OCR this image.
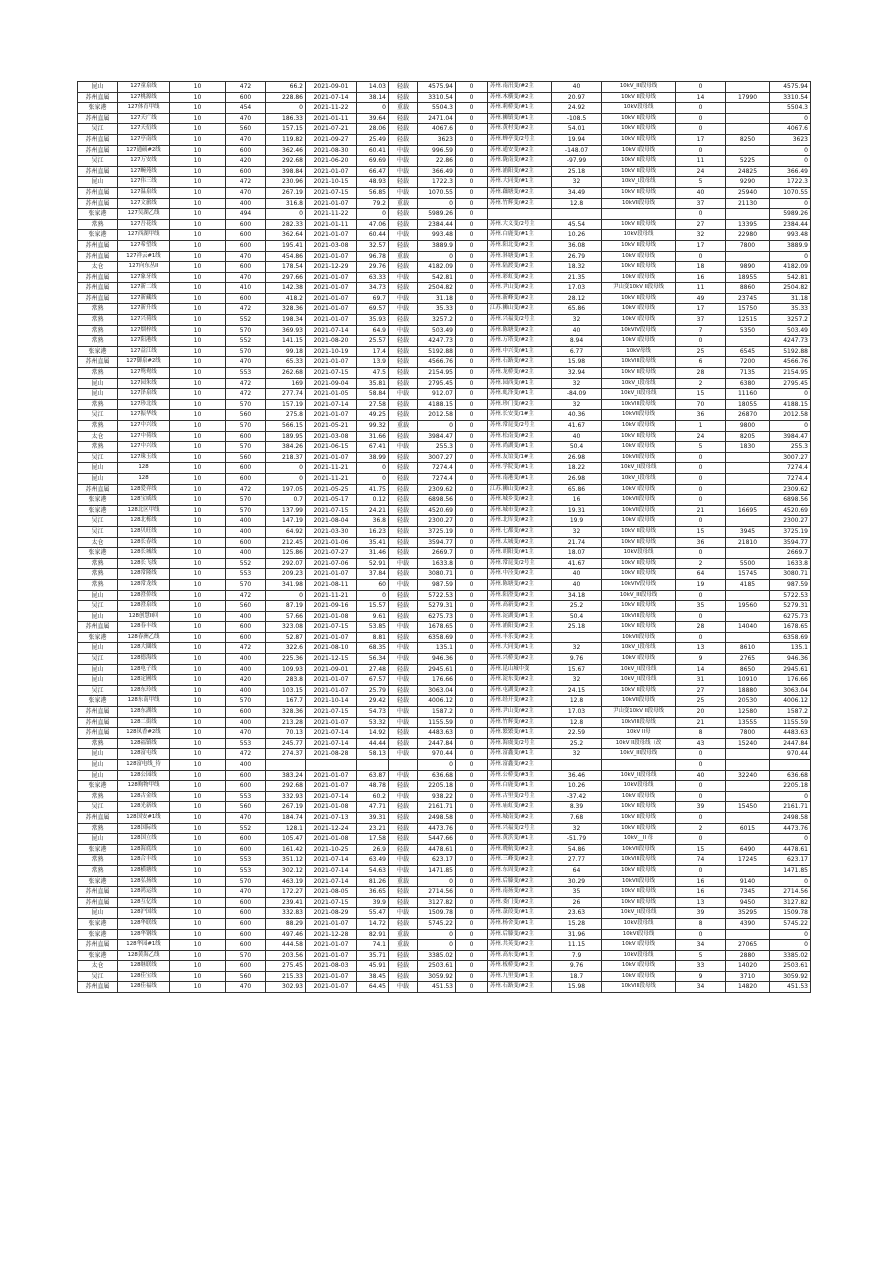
昆山	127童泉线	10	472	66.2	2021-09-01	14.03	轻载	4575.94	0	苏州.南汛变/#2主	40	10kV_III段母线	0		4575.94
苏州直属	127桃源线	10	600	228.86	2021-07-14	38.14	轻载	3310.54	0	苏州.木横变/#2主	20.97	10kV II段母线	14	17990	3310.54
张家港	127体育甲线	10	454	0	2021-11-22	0	重载	5504.3	0	苏州.莉桥变/#1主	24.92	10kV段母线	0		5504.3
苏州直属	127天广线	10	470	186.33	2021-01-11	39.64	轻载	2471.04	0	苏州.狮镇变/#1主	-108.5	10kV II段母线	0		0
吴江	127天衍线	10	560	157.15	2021-07-21	28.06	轻载	4067.6	0	苏州.黄村变/#2主	54.01	10kV II段母线	0		4067.6
苏州直属	127亭南线	10	470	119.82	2021-09-27	25.49	轻载	3623	0	苏州.蝉亭变/2号主	19.94	10kV II段母线	17	8250	3623
苏州直属	127通硕#2线	10	600	362.46	2021-08-30	60.41	中载	996.59	0	苏州.通安变/#2主	-148.07	10kV I段母线	0		0
吴江	127万安线	10	420	292.68	2021-06-20	69.69	中载	22.86	0	苏州.陇南变/#2主	-97.99	10kV II段母线	11	5225	0
苏州直属	127畹苑线	10	600	398.84	2021-01-07	66.47	中载	366.49	0	苏州.浦阳变/#2主	25.18	10kV II段母线	24	24825	366.49
昆山	127伟三线	10	472	230.96	2021-10-15	48.93	轻载	1722.3	0	苏州.大同变/#1主	32	10kV_I段母线	5	9290	1722.3
苏州直属	127温泉线	10	470	267.19	2021-07-15	56.85	中载	1070.55	0	苏州.藕塘变/#2主	34.49	10kV II段母线	40	25940	1070.55
苏州直属	127文旅线	10	400	316.8	2021-01-07	79.2	重载	0	0	苏州.竹辉变/#2主	12.8	10kVII段母线	37	21130	0
张家港	127吴湖乙线	10	494	0	2021-11-22	0	轻载	5989.26	0				0		5989.26
常熟	127吾花线	10	600	282.33	2021-01-11	47.06	轻载	2384.44	0	苏州.大义变/2号主	45.54	10kV II段母线	27	13395	2384.44
张家港	127西湖甲线	10	600	362.64	2021-01-07	60.44	中载	993.48	0	苏州.白鹿变/#1主	10.26	10kV段母线	32	22980	993.48
苏州直属	127希望线	10	600	195.41	2021-03-08	32.57	轻载	3889.9	0	苏州.阳北变/#2主	36.08	10kV II段母线	17	7800	3889.9
苏州直属	127祥云#1线	10	470	454.86	2021-01-07	96.78	重载	0	0	苏州.斜塘变/#1主	26.79	10kV I段母线	0		0
太仓	127向东丛II	10	600	178.54	2021-12-29	29.76	轻载	4182.09	0	苏州.陆渡变/#2主	18.32	10kV II段母线	18	9890	4182.09
苏州直属	127象牙线	10	470	297.66	2021-01-07	63.33	中载	542.81	0	苏州.彩虹变/#2主	21.35	10kV I段母线	16	18955	542.81
苏州直属	127新二线	10	410	142.38	2021-01-07	34.73	轻载	2504.82	0	苏州.尹山变/#2主	17.03	尹山变10kV II段母线	11	8860	2504.82
苏州直属	127新藏线	10	600	418.2	2021-01-07	69.7	中载	31.18	0	苏州.新峰变/#2主	28.12	10kV II段母线	49	23745	31.18
常熟	127新升线	10	472	328.36	2021-01-07	69.57	中载	35.33	0	江苏.狮山变/#2主	65.86	10kV I段母线	17	15750	35.33
常熟	127兴荷线	10	552	198.34	2021-01-07	35.93	轻载	3257.2	0	苏州.兴福变/2号主	32	10kV I段母线	37	12515	3257.2
常熟	127烟梓线	10	570	369.93	2021-07-14	64.9	中载	503.49	0	苏州.陈塘变/#2主	40	10kVIV段母线	7	5350	503.49
常熟	127阳港线	10	552	141.15	2021-08-20	25.57	轻载	4247.73	0	苏州.万塔变/#2主	8.94	10kV I段母线	0		4247.73
张家港	127益江线	10	570	99.18	2021-10-19	17.4	轻载	5192.88	0	苏州.中兴变/#1主	6.77	10kV母线	25	6545	5192.88
苏州直属	127御泉#2线	10	470	65.33	2021-01-07	13.9	轻载	4566.76	0	苏州.石路变/#2主	15.98	10kVIII段母线	6	7200	4566.76
常熟	127鸳鸯线	10	553	262.68	2021-07-15	47.5	轻载	2154.95	0	苏州.龙桥变/#2主	32.94	10kV II段母线	28	7135	2154.95
昆山	127园朱线	10	472	169	2021-09-04	35.81	轻载	2795.45	0	苏州.园西变/#1主	32	10kV_I段母线	2	6380	2795.45
昆山	127泽泉线	10	472	277.74	2021-01-05	58.84	中载	912.07	0	苏州.虬泽变/#1主	-84.09	10kV_II段母线	15	11160	0
常熟	127珍北线	10	570	157.19	2021-07-14	27.58	轻载	4188.15	0	苏州.珍门变/#2主	32	10kVIII段母线	70	18055	4188.15
吴江	127振华线	10	560	275.8	2021-01-07	49.25	轻载	2012.58	0	苏州.长安变/1#主	40.36	10kVII段母线	36	26870	2012.58
常熟	127中兴线	10	570	566.15	2021-05-21	99.32	重载	0	0	苏州.常昆变/2号主	41.67	10kV I段母线	1	9800	0
太仓	127中荷线	10	600	189.95	2021-03-08	31.66	轻载	3984.47	0	苏州.松南变/#2主	40	10kV II段母线	24	8205	3984.47
常熟	127中兴线	10	570	384.26	2021-06-15	67.41	中载	255.3	0	苏州.尚湖变/#1主	50.4	10kV I段母线	5	1830	255.3
吴江	127珠玉线	10	560	218.37	2021-01-07	38.99	轻载	3007.27	0	苏州.友谊变/1#主	26.98	10kVII段母线	0		3007.27
昆山	128	10	600	0	2021-11-21	0	轻载	7274.4	0	苏州.学院变/#1主	18.22	10kV_II段母线	0		7274.4
昆山	128	10	600	0	2021-11-21	0	轻载	7274.4	0	苏州.南港变/#1主	26.98	10kV_I段母线	0		7274.4
苏州直属	128爱弈线	10	472	197.05	2021-05-25	41.75	轻载	2309.62	0	江苏.狮山变/#2主	65.86	10kV I段母线	0		2309.62
张家港	128宝威线	10	570	0.7	2021-05-17	0.12	轻载	6898.56	0	苏州.城乡变/#2主	16	10kVII段母线	0		6898.56
张家港	128北区甲线	10	570	137.99	2021-07-15	24.21	轻载	4520.69	0	苏州.城市变/#2主	19.31	10kVII段母线	21	16695	4520.69
吴江	128北栎线	10	400	147.19	2021-08-04	36.8	轻载	2300.27	0	苏州.北厍变/#2主	19.9	10kV I段母线	0		2300.27
吴江	128贝旺线	10	400	64.92	2021-03-30	16.23	轻载	3725.19	0	苏州.七都变/#2主	32	10kV II段母线	15	3945	3725.19
太仓	128长春线	10	600	212.45	2021-01-06	35.41	轻载	3594.77	0	苏州.太城变/#2主	21.74	10kV II段母线	36	21810	3594.77
张家港	128长城线	10	400	125.86	2021-07-27	31.46	轻载	2669.7	0	苏州.胡阳变/#1主	18.07	10kV段母线	0		2669.7
常熟	128长飞线	10	552	292.07	2021-07-06	52.91	中载	1633.8	0	苏州.常昆变/2号主	41.67	10kV II段母线	2	5500	1633.8
常熟	128常隆线	10	553	209.23	2021-01-07	37.84	轻载	3080.71	0	苏州.中泾变/#2主	40	10kV II段母线	64	15745	3080.71
常熟	128常龙线	10	570	341.98	2021-08-11	60	中载	987.59	0	苏州.陈塘变/#2主	40	10kVIV段母线	19	4185	987.59
昆山	128澄侨线	10	472	0	2021-11-21	0	轻载	5722.53	0	苏州.阳澄变/#2主	34.18	10kV_III段母线	0		5722.53
吴江	128澄泉线	10	560	87.19	2021-09-16	15.57	轻载	5279.31	0	苏州.高新变/#2主	25.2	10kV II段母线	35	19560	5279.31
昆山	128创慧II回	10	400	57.66	2021-01-08	9.61	轻载	6275.73	0	苏州.淀湖变/#1主	50.4	10kVIII段母线	0		6275.73
苏州直属	128春丰线	10	600	323.08	2021-07-15	53.85	中载	1678.65	0	苏州.浦阳变/#2主	25.18	10kV II段母线	28	14040	1678.65
张家港	128春洲乙线	10	600	52.87	2021-01-07	8.81	轻载	6358.69	0	苏州.丰乐变/#2主		10kVII段母线	0		6358.69
昆山	128大圜线	10	472	322.6	2021-08-10	68.35	中载	135.1	0	苏州.大同变/#1主	32	10kV_I段母线	13	8610	135.1
吴江	128德海线	10	400	225.36	2021-12-15	56.34	中载	946.36	0	苏州.兴桥变/#2主	9.76	10kV I段母线	9	2765	946.36
昆山	128电子线	10	400	109.93	2021-09-01	27.48	轻载	2945.61	0	苏州.昆山城中变	15.67	10kV_II段母线	14	8650	2945.61
昆山	128定圃线	10	420	283.8	2021-01-07	67.57	中载	176.66	0	苏州.淀东变/#2主	32	10kV_II段母线	31	10910	176.66
吴江	128东玲线	10	400	103.15	2021-01-07	25.79	轻载	3063.04	0	苏州.屯湖变/#2主	24.15	10kV II段母线	27	18880	3063.04
张家港	128东南甲线	10	570	167.7	2021-10-14	29.42	轻载	4006.12	0	苏州.经开变/#2主	12.8	10kVII段母线	25	20530	4006.12
苏州直属	128东湖线	10	600	328.36	2021-07-15	54.73	中载	1587.2	0	苏州.尹山变/#2主	17.03	尹山变10kV II段母线	20	12580	1587.2
苏州直属	128二街线	10	400	213.28	2021-01-07	53.32	中载	1155.59	0	苏州.竹辉变/#2主	12.8	10kVIII段母线	21	13555	1155.59
苏州直属	128凤香#2线	10	470	70.13	2021-07-14	14.92	轻载	4483.63	0	苏州.繁繁变/#1主	22.59	10kV II母	8	7800	4483.63
常熟	128福镇线	10	553	245.77	2021-07-14	44.44	轻载	2447.84	0	苏州.海虞变/2号主	25.2	10kV II段母线（改	43	15240	2447.84
昆山	128富屯线	10	472	274.37	2021-08-28	58.13	中载	970.44	0	苏州.富鑫变/#1主	32	10kV_III段母线	0		970.44
昆山	128富电线_待	10	400					0	0	苏州.富鑫变/#2主			0		
昆山	128公园线	10	600	383.24	2021-01-07	63.87	中载	636.68	0	苏州.公桥变/#3主	36.46	10kV_II段母线	40	32240	636.68
张家港	128购物甲线	10	600	292.68	2021-01-07	48.78	轻载	2205.18	0	苏州.白鹿变/#1主	10.26	10kV段母线	0		2205.18
常熟	128古金线	10	553	332.93	2021-07-14	60.2	中载	938.22	0	苏州.古里变/2号主	-37.42	10kV I段母线	0		0
吴江	128光新线	10	560	267.19	2021-01-08	47.71	轻载	2161.71	0	苏州.庙虹变/#2主	8.39	10kV II段母线	39	15450	2161.71
苏州直属	128国安#1线	10	470	184.74	2021-07-13	39.31	轻载	2498.58	0	苏州.城南变/#2主	7.68	10kV II段母线	0		2498.58
常熟	128国际线	10	552	128.1	2021-12-24	23.21	轻载	4473.76	0	苏州.兴福变/2号主	32	10kV II段母线	2	6015	4473.76
昆山	128国立线	10	600	105.47	2021-01-08	17.58	轻载	5447.66	0	苏州.黄浜变/#1主	-51.79	10kV__II 母	0		0
张家港	128海底线	10	600	161.42	2021-10-25	26.9	轻载	4478.61	0	苏州.晓航变/#2主	54.86	10kVII段母线	15	6490	4478.61
常熟	128合丰线	10	553	351.12	2021-07-14	63.49	中载	623.17	0	苏州.三峰变/#2主	27.77	10kVIII段母线	74	17245	623.17
常熟	128横塘线	10	553	302.12	2021-07-14	54.63	中载	1471.85	0	苏州.东周变/#2主	64	10kV II段母线	0		1471.85
张家港	128弘扬线	10	570	463.19	2021-07-14	81.26	重载	0	0	苏州.后滕变/#2主	30.29	10kVII段母线	16	9140	0
苏州直属	128鸿运线	10	470	172.27	2021-08-05	36.65	轻载	2714.56	0	苏州.南扬变/#2主	35	10kV II段母线	16	7345	2714.56
苏州直属	128互亿线	10	600	239.41	2021-07-15	39.9	轻载	3127.82	0	苏州.娄门变/#2主	26	10kV II段母线	13	9450	3127.82
昆山	128沪国线	10	600	332.83	2021-08-29	55.47	中载	1509.78	0	苏州.菉葭变/#1主	23.63	10kV_II段母线	39	35295	1509.78
张家港	128华联线	10	600	88.29	2021-01-07	14.72	轻载	5745.22	0	苏州.杨舍变/#1主	15.28	10kV段母线	8	4390	5745.22
张家港	128华钢线	10	600	497.46	2021-12-28	82.91	重载	0	0	苏州.后滕变/#2主	31.96	10kVI段母线	0		0
苏州直属	128华园#1线	10	600	444.58	2021-01-07	74.1	重载	0	0	苏州.共英变/#2主	11.15	10kV I段母线	34	27065	0
张家港	128黄海乙线	10	570	203.56	2021-01-07	35.71	轻载	3385.02	0	苏州.高东变/#1主	7.9	10kV段母线	5	2880	3385.02
太仓	128继联线	10	600	275.45	2021-08-03	45.91	轻载	2503.61	0	苏州.板桥变/#2主	9.76	10kV I段母线	33	14020	2503.61
吴江	128佳宝线	10	560	215.33	2021-01-07	38.45	轻载	3059.92	0	苏州.九里变/#1主	18.7	10kV I段母线	9	3710	3059.92
苏州直属	128佳福线	10	470	302.93	2021-01-07	64.45	中载	451.53	0	苏州.石路变/#2主	15.98	10kVIII段母线	34	14820	451.53
